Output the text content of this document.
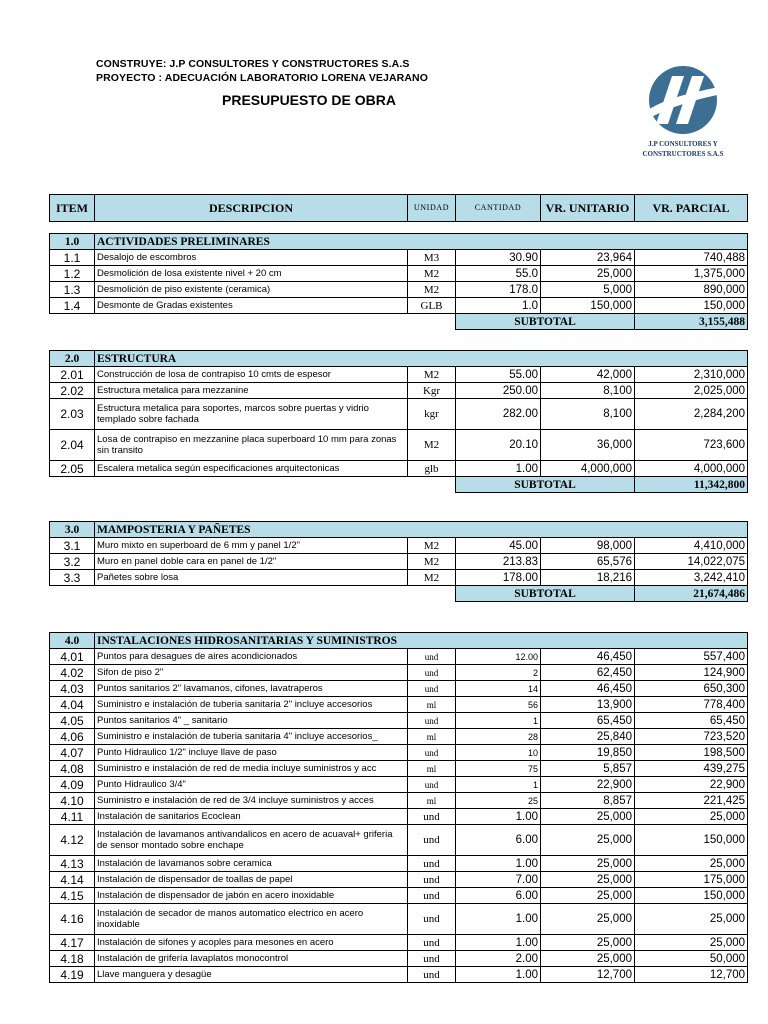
CONSTRUYE: J.P CONSULTORES Y CONSTRUCTORES S.A.S
PROYECTO : ADECUACIÓN LABORATORIO LORENA VEJARANO
PRESUPUESTO DE OBRA
J.P CONSULTORES Y
CONSTRUCTORES S.A.S
ITEM	DESCRIPCION	UNIDAD	CANTIDAD	VR. UNITARIO	VR. PARCIAL
1.0	ACTIVIDADES PRELIMINARES				
1.1	Desalojo de escombros	M3	30.90	23,964	740,488
1.2	Desmolición de losa existente nivel + 20 cm	M2	55.0	25,000	1,375,000
1.3	Desmolición de piso existente (ceramica)	M2	178.0	5,000	890,000
1.4	Desmonte de Gradas existentes	GLB	1.0	150,000	150,000
			SUBTOTAL		3,155,488
2.0	ESTRUCTURA				
2.01	Construcción de losa de contrapiso 10 cmts de espesor	M2	55.00	42,000	2,310,000
2.02	Estructura metalica para mezzanine	Kgr	250.00	8,100	2,025,000
2.03	Estructura metalica para soportes, marcos sobre puertas y vidrio templado sobre fachada	kgr	282.00	8,100	2,284,200
2.04	Losa de contrapiso en mezzanine placa superboard 10 mm para zonas sin transito	M2	20.10	36,000	723,600
2.05	Escalera metalica según especificaciones arquitectonicas	glb	1.00	4,000,000	4,000,000
			SUBTOTAL		11,342,800
3.0	MAMPOSTERIA Y PAÑETES				
3.1	Muro mixto en superboard de 6 mm y panel 1/2"	M2	45.00	98,000	4,410,000
3.2	Muro en panel doble cara en panel de 1/2"	M2	213.83	65,576	14,022,075
3.3	Pañetes sobre losa	M2	178.00	18,216	3,242,410
			SUBTOTAL		21,674,486
4.0	INSTALACIONES HIDROSANITARIAS Y SUMINISTROS				
4.01	Puntos para desagues de aires acondicionados	und	12.00	46,450	557,400
4.02	Sifon de piso 2"	und	2	62,450	124,900
4.03	Puntos sanitarios 2" lavamanos, cifones, lavatraperos	und	14	46,450	650,300
4.04	Suministro e instalación de tuberia sanitaria 2" incluye accesorios	ml	56	13,900	778,400
4.05	Puntos sanitarios 4" _ sanitario	und	1	65,450	65,450
4.06	Suministro e instalación de tuberia sanitaria 4" incluye accesorios_	ml	28	25,840	723,520
4.07	Punto Hidraulico 1/2" incluye llave de paso	und	10	19,850	198,500
4.08	Suministro e instalación de red de media incluye suministros y acc	ml	75	5,857	439,275
4.09	Punto Hidraulico 3/4"	und	1	22,900	22,900
4.10	Suministro e instalación de red de 3/4 incluye suministros y acces	ml	25	8,857	221,425
4.11	Instalación de sanitarios Ecoclean	und	1.00	25,000	25,000
4.12	Instalación de lavamanos antivandalicos en acero de acuaval+ griferia de sensor montado sobre enchape	und	6.00	25,000	150,000
4.13	Instalación de lavamanos sobre ceramica	und	1.00	25,000	25,000
4.14	Instalación de dispensador de toallas de papel	und	7.00	25,000	175,000
4.15	Instalación de dispensador de jabón en acero inoxidable	und	6.00	25,000	150,000
4.16	Instalación de secador de manos automatico electrico en acero inoxidable	und	1.00	25,000	25,000
4.17	Instalación de sifones y acoples para mesones en acero	und	1.00	25,000	25,000
4.18	Instalación de grifería lavaplatos monocontrol	und	2.00	25,000	50,000
4.19	Llave manguera y desagüe	und	1.00	12,700	12,700
